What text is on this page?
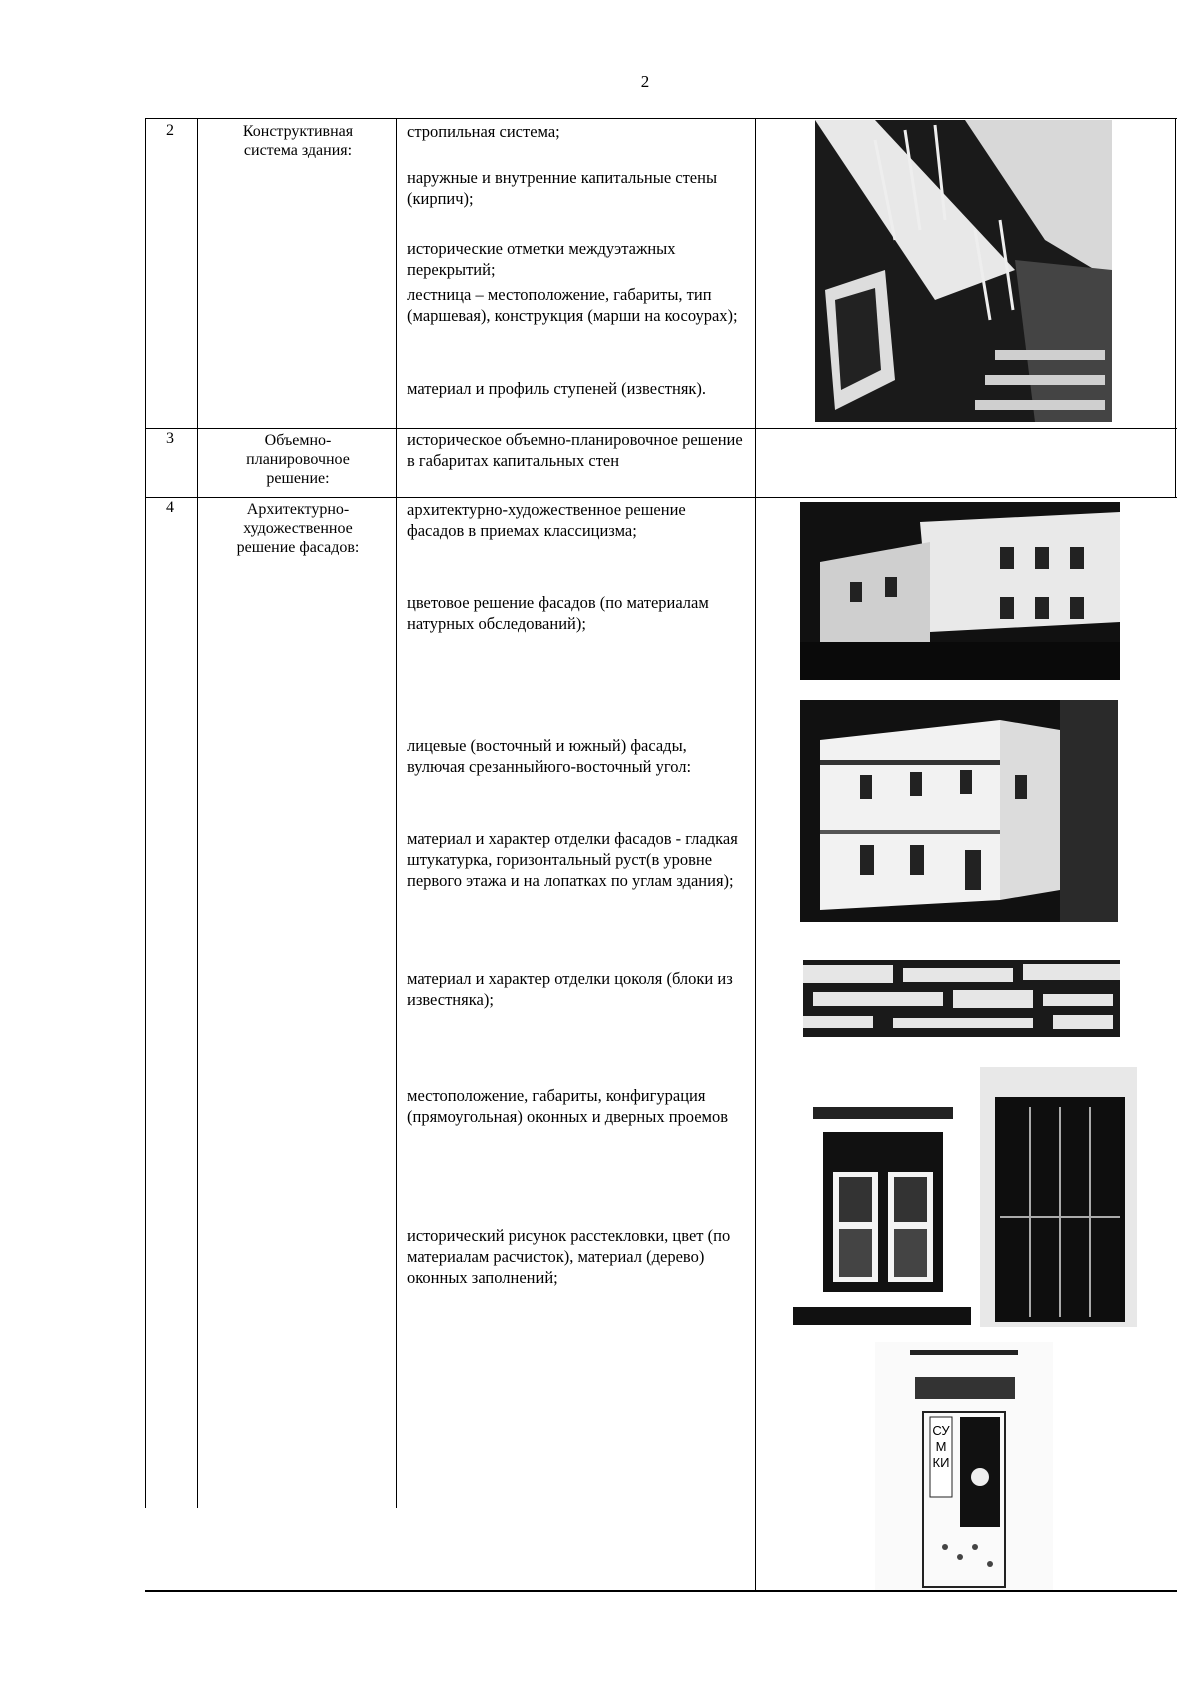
2
2	Конструктивная
система здания:
стропильная система;
наружные и внутренние капитальные стены (кирпич);
исторические отметки междуэтажных перекрытий;
лестница – местоположение, габариты, тип (маршевая), конструкция (марши на косоурах);
материал и профиль ступеней (известняк).
3	Объемно-
планировочное
решение:
историческое объемно-планировочное решение в габаритах капитальных стен
4	Архитектурно-
художественное
решение фасадов:
архитектурно-художественное решение фасадов в приемах классицизма;
цветовое решение фасадов (по материалам натурных обследований);
лицевые (восточный и южный) фасады, вулючая срезанныйюго-восточный угол:
материал и характер отделки фасадов - гладкая штукатурка, горизонтальный руст(в уровне первого этажа и на лопатках по углам здания);
материал и характер отделки цоколя (блоки из известняка);
местоположение, габариты, конфигурация (прямоугольная) оконных и дверных проемов
исторический рисунок расстекловки, цвет (по материалам расчисток), материал (дерево) оконных заполнений;
СУМКИ
